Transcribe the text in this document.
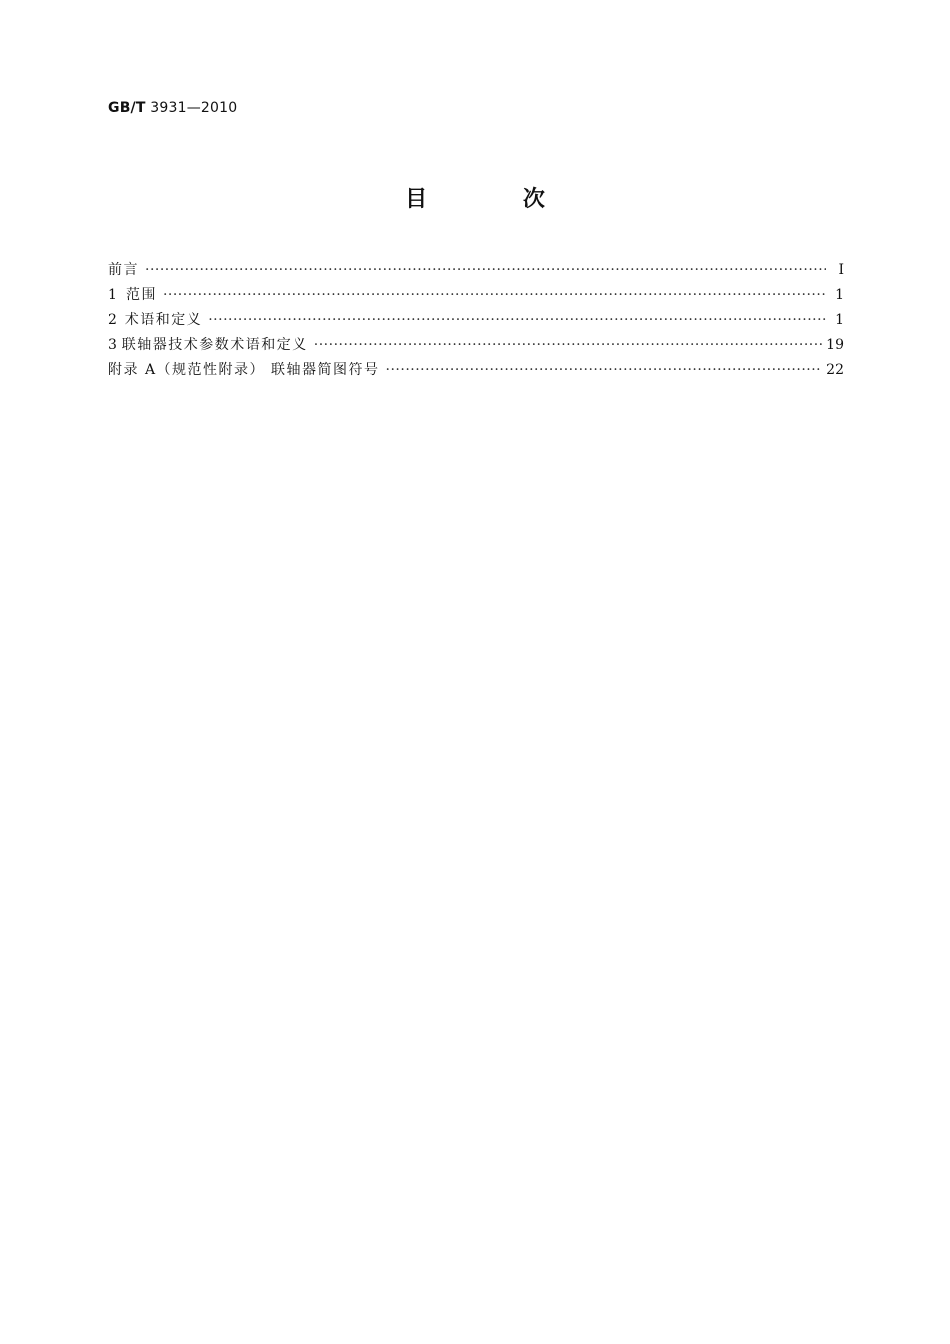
GB/T 3931—2010
目 次
前言 ·····	Ⅰ
1 范围 ·····	1
2 术语和定义 ·····	1
3 联轴器技术参数术语和定义 ·····	19
附录 A（规范性附录） 联轴器简图符号 ·····	22
